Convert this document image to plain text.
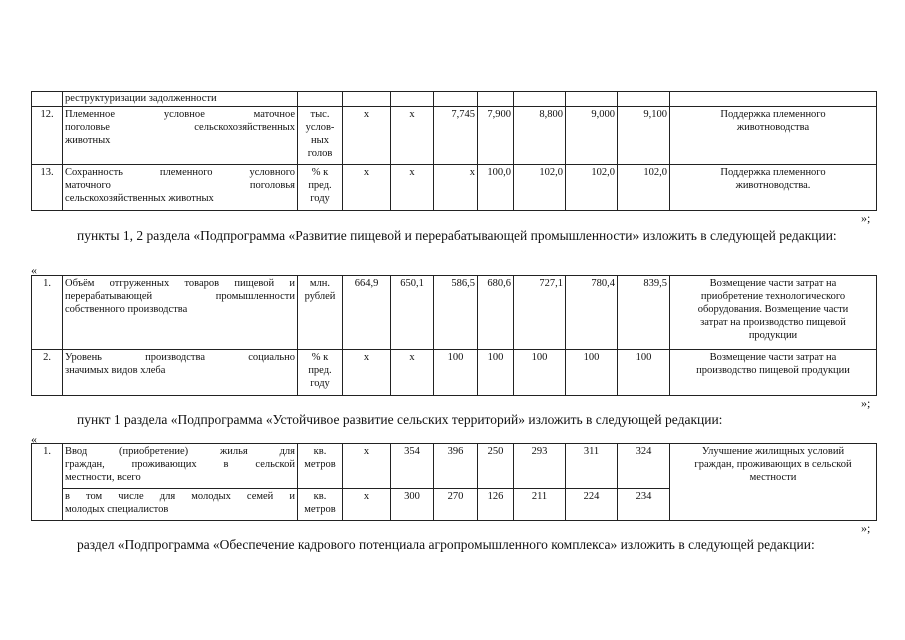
	реструктуризации задолженности									
12.	Племенное условное маточное
поголовье сельскохозяйственных
животных	тыс.
услов-
ных
голов	х	х	7,745	7,900	8,800	9,000	9,100	Поддержка племенного
животноводства

13.	Сохранность племенного условного
маточного поголовья
сельскохозяйственных животных	% к
пред.
году	х	х	х	100,0	102,0	102,0	102,0	Поддержка племенного
животноводства.
»;
пункты 1, 2 раздела «Подпрограмма «Развитие пищевой и перерабатывающей промышленности» изложить в следующей редакции:
«
1.	Объём отгруженных товаров пищевой и
перерабатывающей промышленности
собственного производства	млн.
рублей	664,9	650,1	586,5	680,6	727,1	780,4	839,5	Возмещение части затрат на
приобретение технологического
оборудования. Возмещение части
затрат на производство пищевой
продукции

2.	Уровень производства социально
значимых видов хлеба	% к
пред.
году	х	х	100	100	100	100	100	Возмещение части затрат на
производство пищевой продукции
»;
пункт 1 раздела «Подпрограмма «Устойчивое развитие сельских территорий» изложить в следующей редакции:
«
1.	Ввод (приобретение) жилья для
граждан, проживающих в сельской
местности, всего	кв.
метров	х	354	396	250	293	311	324	Улучшение жилищных условий
граждан, проживающих в сельской
местности

	в том числе для молодых семей и
молодых специалистов	кв.
метров	х	300	270	126	211	224	234	
»;
раздел «Подпрограмма «Обеспечение кадрового потенциала агропромышленного комплекса» изложить в следующей редакции:
